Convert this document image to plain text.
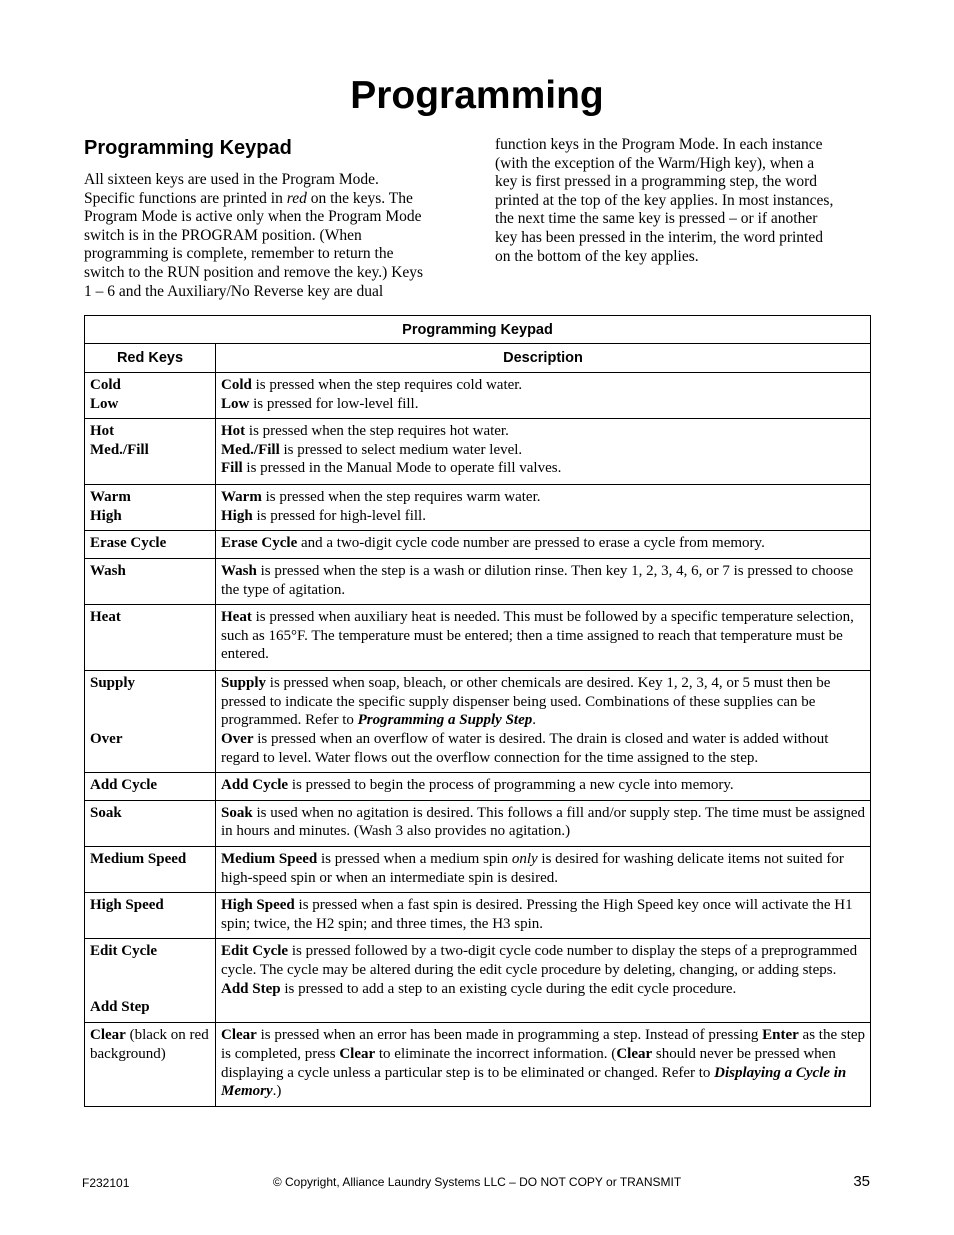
Programming
Programming Keypad

All sixteen keys are used in the Program Mode.
Specific functions are printed in red on the keys. The
Program Mode is active only when the Program Mode
switch is in the PROGRAM position. (When
programming is complete, remember to return the
switch to the RUN position and remove the key.) Keys
1 – 6 and the Auxiliary/No Reverse key are dual

function keys in the Program Mode. In each instance
(with the exception of the Warm/High key), when a
key is first pressed in a programming step, the word
printed at the top of the key applies. In most instances,
the next time the same key is pressed – or if another
key has been pressed in the interim, the word printed
on the bottom of the key applies.

Programming Keypad	
Red Keys	Description

Cold
Low	Cold is pressed when the step requires cold water.
Low is pressed for low-level fill.

Hot
Med./Fill	Hot is pressed when the step requires hot water.
Med./Fill is pressed to select medium water level.
Fill is pressed in the Manual Mode to operate fill valves.

Warm
High	Warm is pressed when the step requires warm water.
High is pressed for high-level fill.

Erase Cycle	Erase Cycle and a two-digit cycle code number are pressed to erase a cycle from memory.

Wash	Wash is pressed when the step is a wash or dilution rinse. Then key 1, 2, 3, 4, 6, or 7 is pressed to choose the type of agitation.

Heat	Heat is pressed when auxiliary heat is needed. This must be followed by a specific temperature selection, such as 165°F. The temperature must be entered; then a time assigned to reach that temperature must be entered.

Supply
Over	Supply is pressed when soap, bleach, or other chemicals are desired. Key 1, 2, 3, 4, or 5 must then be pressed to indicate the specific supply dispenser being used. Combinations of these supplies can be programmed. Refer to Programming a Supply Step.
Over is pressed when an overflow of water is desired. The drain is closed and water is added without regard to level. Water flows out the overflow connection for the time assigned to the step.

Add Cycle	Add Cycle is pressed to begin the process of programming a new cycle into memory.

Soak	Soak is used when no agitation is desired. This follows a fill and/or supply step. The time must be assigned in hours and minutes. (Wash 3 also provides no agitation.)

Medium Speed	Medium Speed is pressed when a medium spin only is desired for washing delicate items not suited for high-speed spin or when an intermediate spin is desired.

High Speed	High Speed is pressed when a fast spin is desired. Pressing the High Speed key once will activate the H1 spin; twice, the H2 spin; and three times, the H3 spin.

Edit Cycle
Add Step	Edit Cycle is pressed followed by a two-digit cycle code number to display the steps of a preprogrammed cycle. The cycle may be altered during the edit cycle procedure by deleting, changing, or adding steps.
Add Step is pressed to add a step to an existing cycle during the edit cycle procedure.

Clear (black on red background)	Clear is pressed when an error has been made in programming a step. Instead of pressing Enter as the step is completed, press Clear to eliminate the incorrect information. (Clear should never be pressed when displaying a cycle unless a particular step is to be eliminated or changed. Refer to Displaying a Cycle in Memory.)
F232101	© Copyright, Alliance Laundry Systems LLC – DO NOT COPY or TRANSMIT	35
